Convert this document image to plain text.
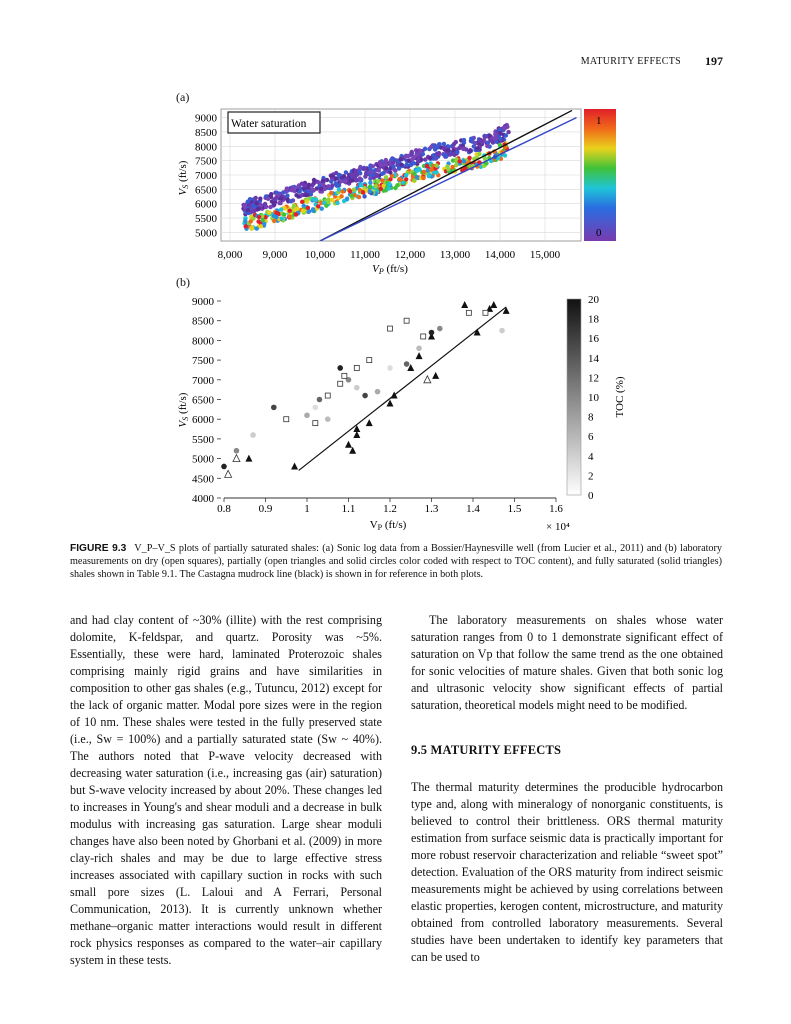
MATURITY EFFECTS 197
(a)
(b)
Water saturation
9000
8500
8000
7500
7000
6500
6000
5500
5000
8,000 9,000 10,000 11,000 12,000 13,000 14,000 15,000
VS (ft/s)
VP (ft/s)
1
0
9000
8500
8000
7500
7000
6500
6000
5500
5000
4500
4000
0.8	0.9	1	1.1	1.2	1.3	1.4	1.5	1.6
VP (ft/s)	× 10⁴
20
18
16
14
12
10
8
6
4
2
0
TOC (%)
VS (ft/s)
FIGURE 9.3 V_P–V_S plots of partially saturated shales: (a) Sonic log data from a Bossier/Haynesville well (from Lucier et al., 2011) and (b) laboratory measurements on dry (open squares), partially (open triangles and solid circles color coded with respect to TOC content), and fully saturated (solid triangles) shales shown in Table 9.1. The Castagna mudrock line (black) is shown in for reference in both plots.

and had clay content of ~30% (illite) with the rest comprising dolomite, K-feldspar, and quartz. Porosity was ~5%. Essentially, these were hard, laminated Proterozoic shales comprising mainly rigid grains and have similarities in composition to other gas shales (e.g., Tutuncu, 2012) except for the lack of organic matter. Modal pore sizes were in the region of 10 nm. These shales were tested in the fully preserved state (i.e., Sw = 100%) and a partially saturated state (Sw ~ 40%). The authors noted that P-wave velocity decreased with decreasing water saturation (i.e., increasing gas (air) saturation) but S-wave velocity increased by about 20%. These changes led to increases in Young's and shear moduli and a decrease in bulk modulus with increasing gas saturation. Large shear moduli changes have also been noted by Ghorbani et al. (2009) in more clay-rich shales and may be due to large effective stress increases associated with capillary suction in rocks with such small pore sizes (L. Laloui and A Ferrari, Personal Communication, 2013). It is currently unknown whether methane–organic matter interactions would result in different rock physics responses as compared to the water–air capillary system in these tests.

The laboratory measurements on shales whose water saturation ranges from 0 to 1 demonstrate significant effect of saturation on Vp that follow the same trend as the one obtained for sonic velocities of mature shales. Given that both sonic log and ultrasonic velocity show significant effects of partial saturation, theoretical models might need to be modified.

9.5 MATURITY EFFECTS

The thermal maturity determines the producible hydrocarbon type and, along with mineralogy of nonorganic constituents, is believed to control their brittleness. ORS thermal maturity estimation from surface seismic data is practically important for more robust reservoir characterization and reliable “sweet spot” detection. Evaluation of the ORS maturity from indirect seismic measurements might be achieved by using correlations between elastic properties, kerogen content, microstructure, and maturity obtained from controlled laboratory measurements. Several studies have been undertaken to identify key parameters that can be used to
